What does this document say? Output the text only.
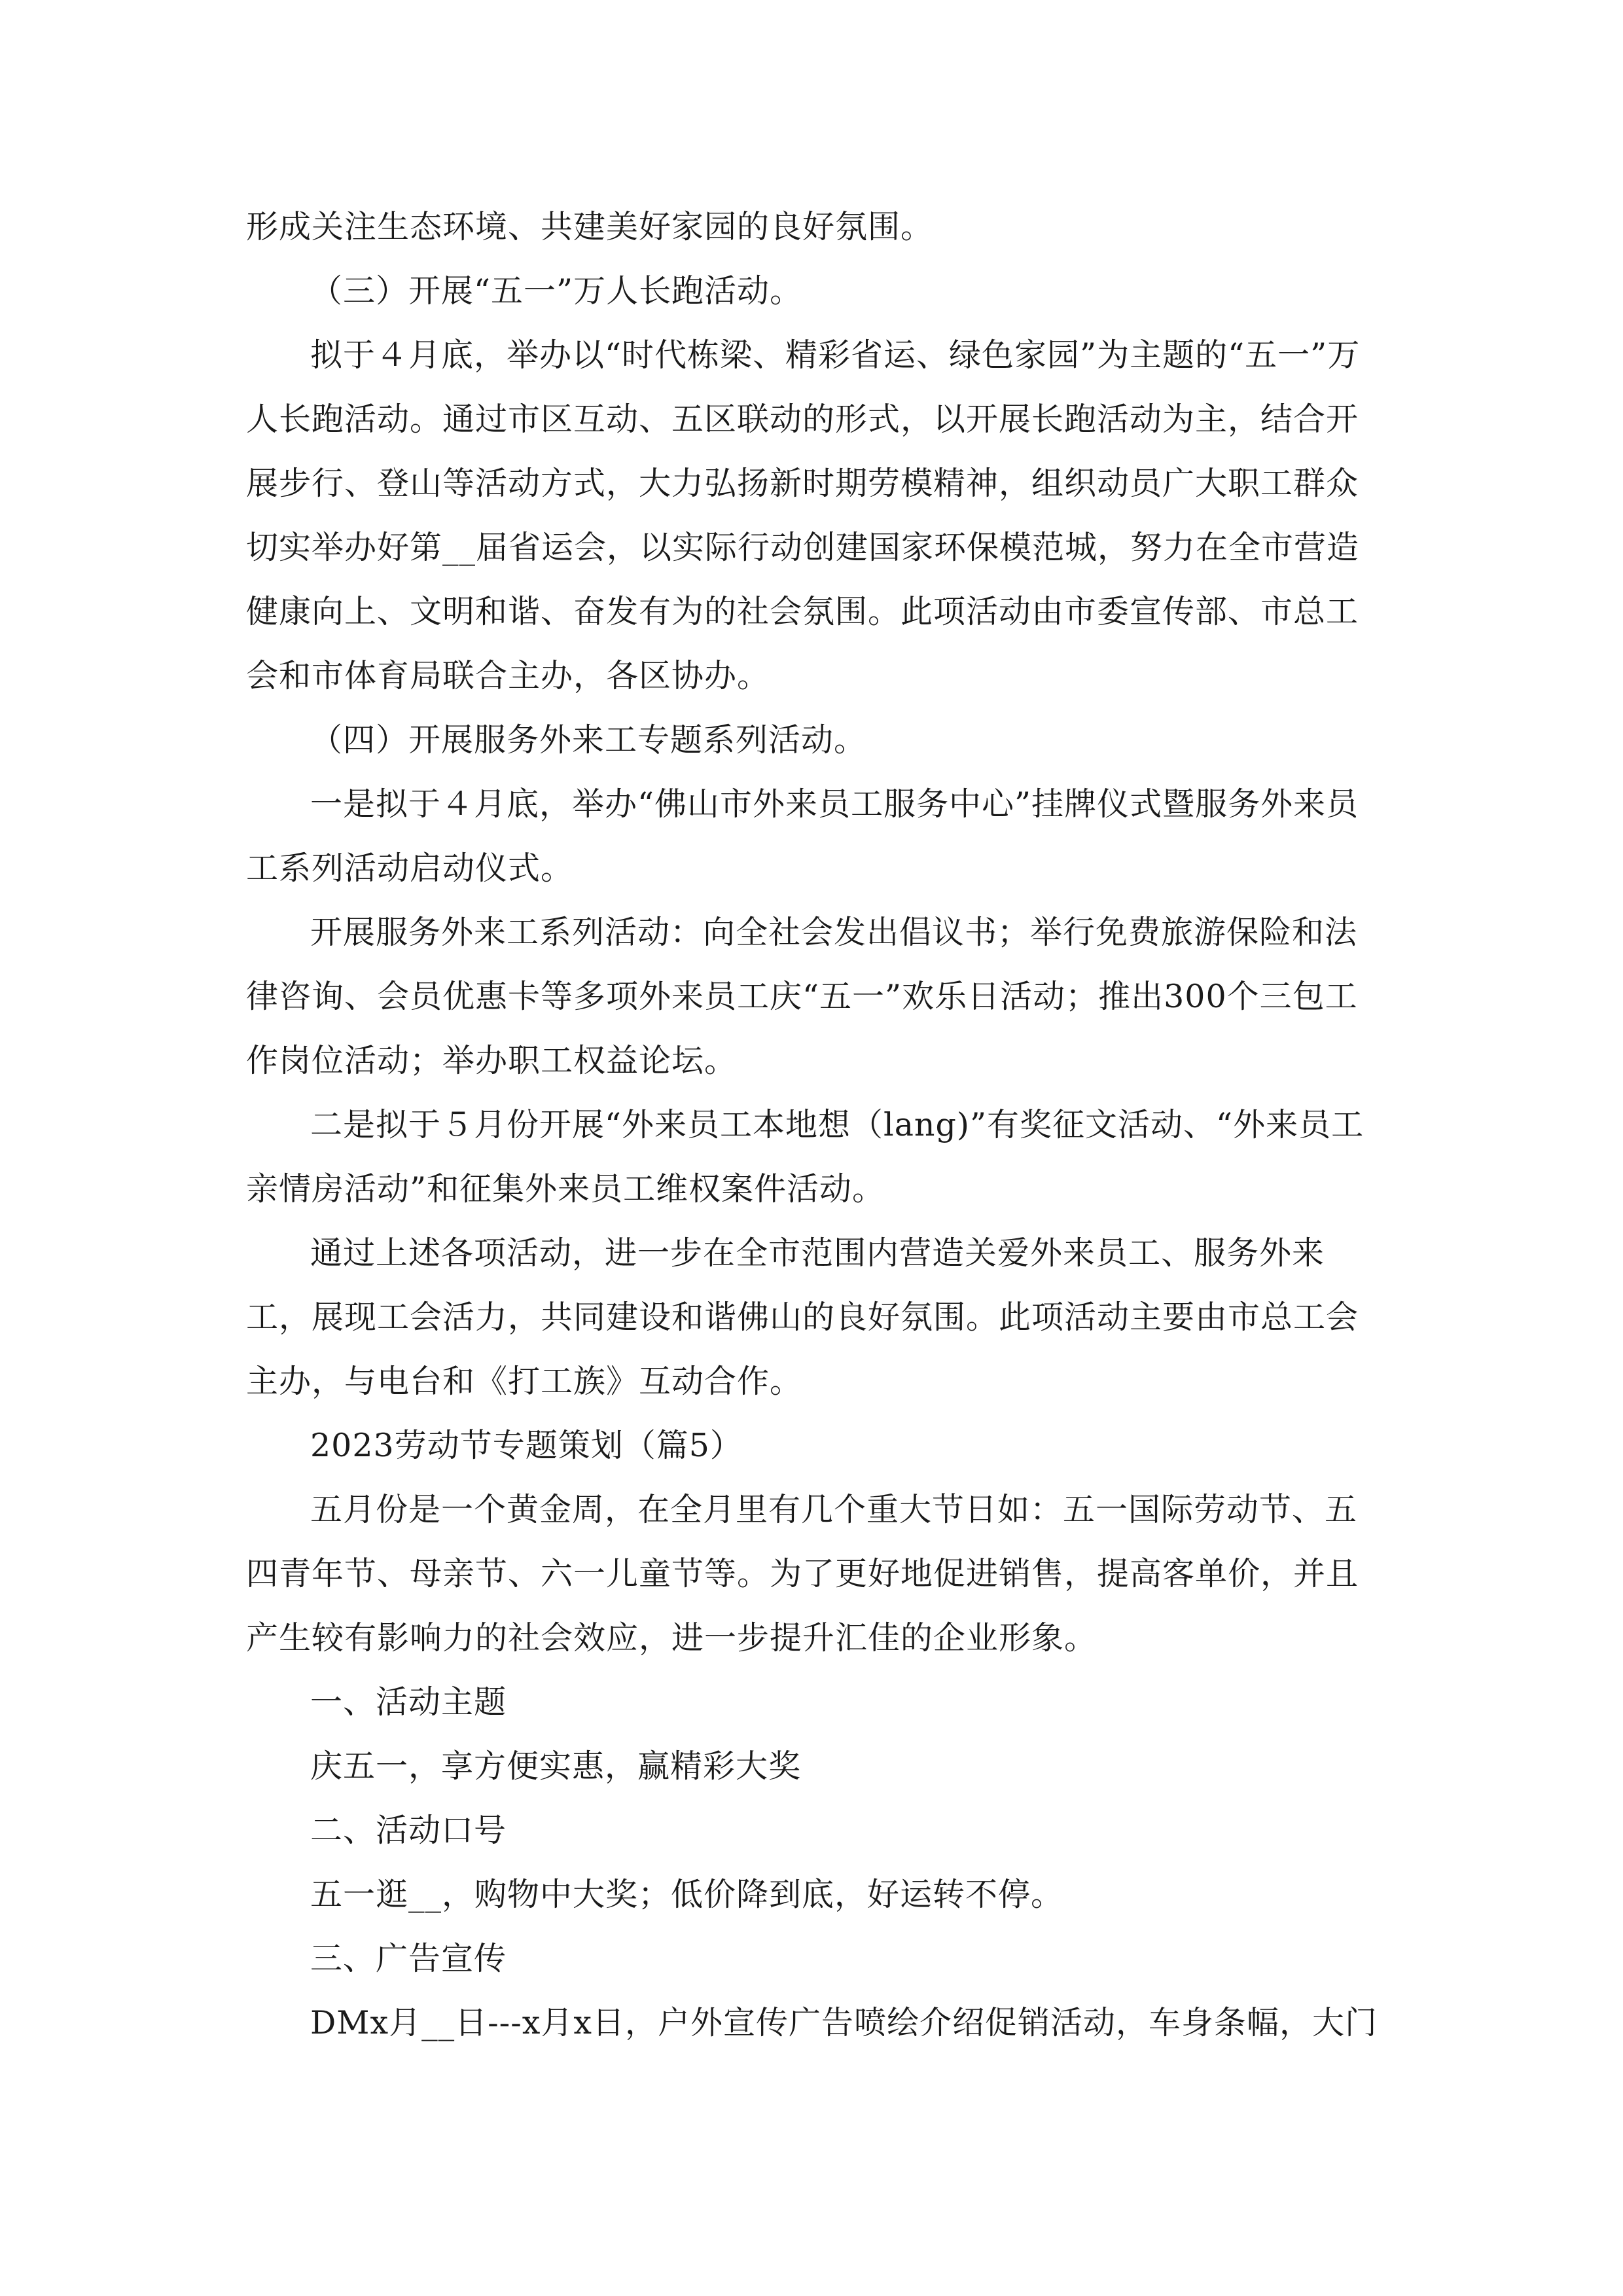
形成关注生态环境、共建美好家园的良好氛围。

（三）开展“五一”万人长跑活动。

拟于４月底，举办以“时代栋梁、精彩省运、绿色家园”为主题的“五一”万人长跑活动。通过市区互动、五区联动的形式，以开展长跑活动为主，结合开展步行、登山等活动方式，大力弘扬新时期劳模精神，组织动员广大职工群众切实举办好第__届省运会，以实际行动创建国家环保模范城，努力在全市营造健康向上、文明和谐、奋发有为的社会氛围。此项活动由市委宣传部、市总工会和市体育局联合主办，各区协办。

（四）开展服务外来工专题系列活动。

一是拟于４月底，举办“佛山市外来员工服务中心”挂牌仪式暨服务外来员工系列活动启动仪式。

开展服务外来工系列活动：向全社会发出倡议书；举行免费旅游保险和法律咨询、会员优惠卡等多项外来员工庆“五一”欢乐日活动；推出300个三包工作岗位活动；举办职工权益论坛。

二是拟于５月份开展“外来员工本地想（lang)”有奖征文活动、“外来员工亲情房活动”和征集外来员工维权案件活动。

通过上述各项活动，进一步在全市范围内营造关爱外来员工、服务外来工，展现工会活力，共同建设和谐佛山的良好氛围。此项活动主要由市总工会主办，与电台和《打工族》互动合作。

2023劳动节专题策划（篇5）

五月份是一个黄金周，在全月里有几个重大节日如：五一国际劳动节、五四青年节、母亲节、六一儿童节等。为了更好地促进销售，提高客单价，并且产生较有影响力的社会效应，进一步提升汇佳的企业形象。

一、活动主题

庆五一，享方便实惠，赢精彩大奖

二、活动口号

五一逛__，购物中大奖；低价降到底，好运转不停。

三、广告宣传

DMx月__日---x月x日，户外宣传广告喷绘介绍促销活动，车身条幅，大门
